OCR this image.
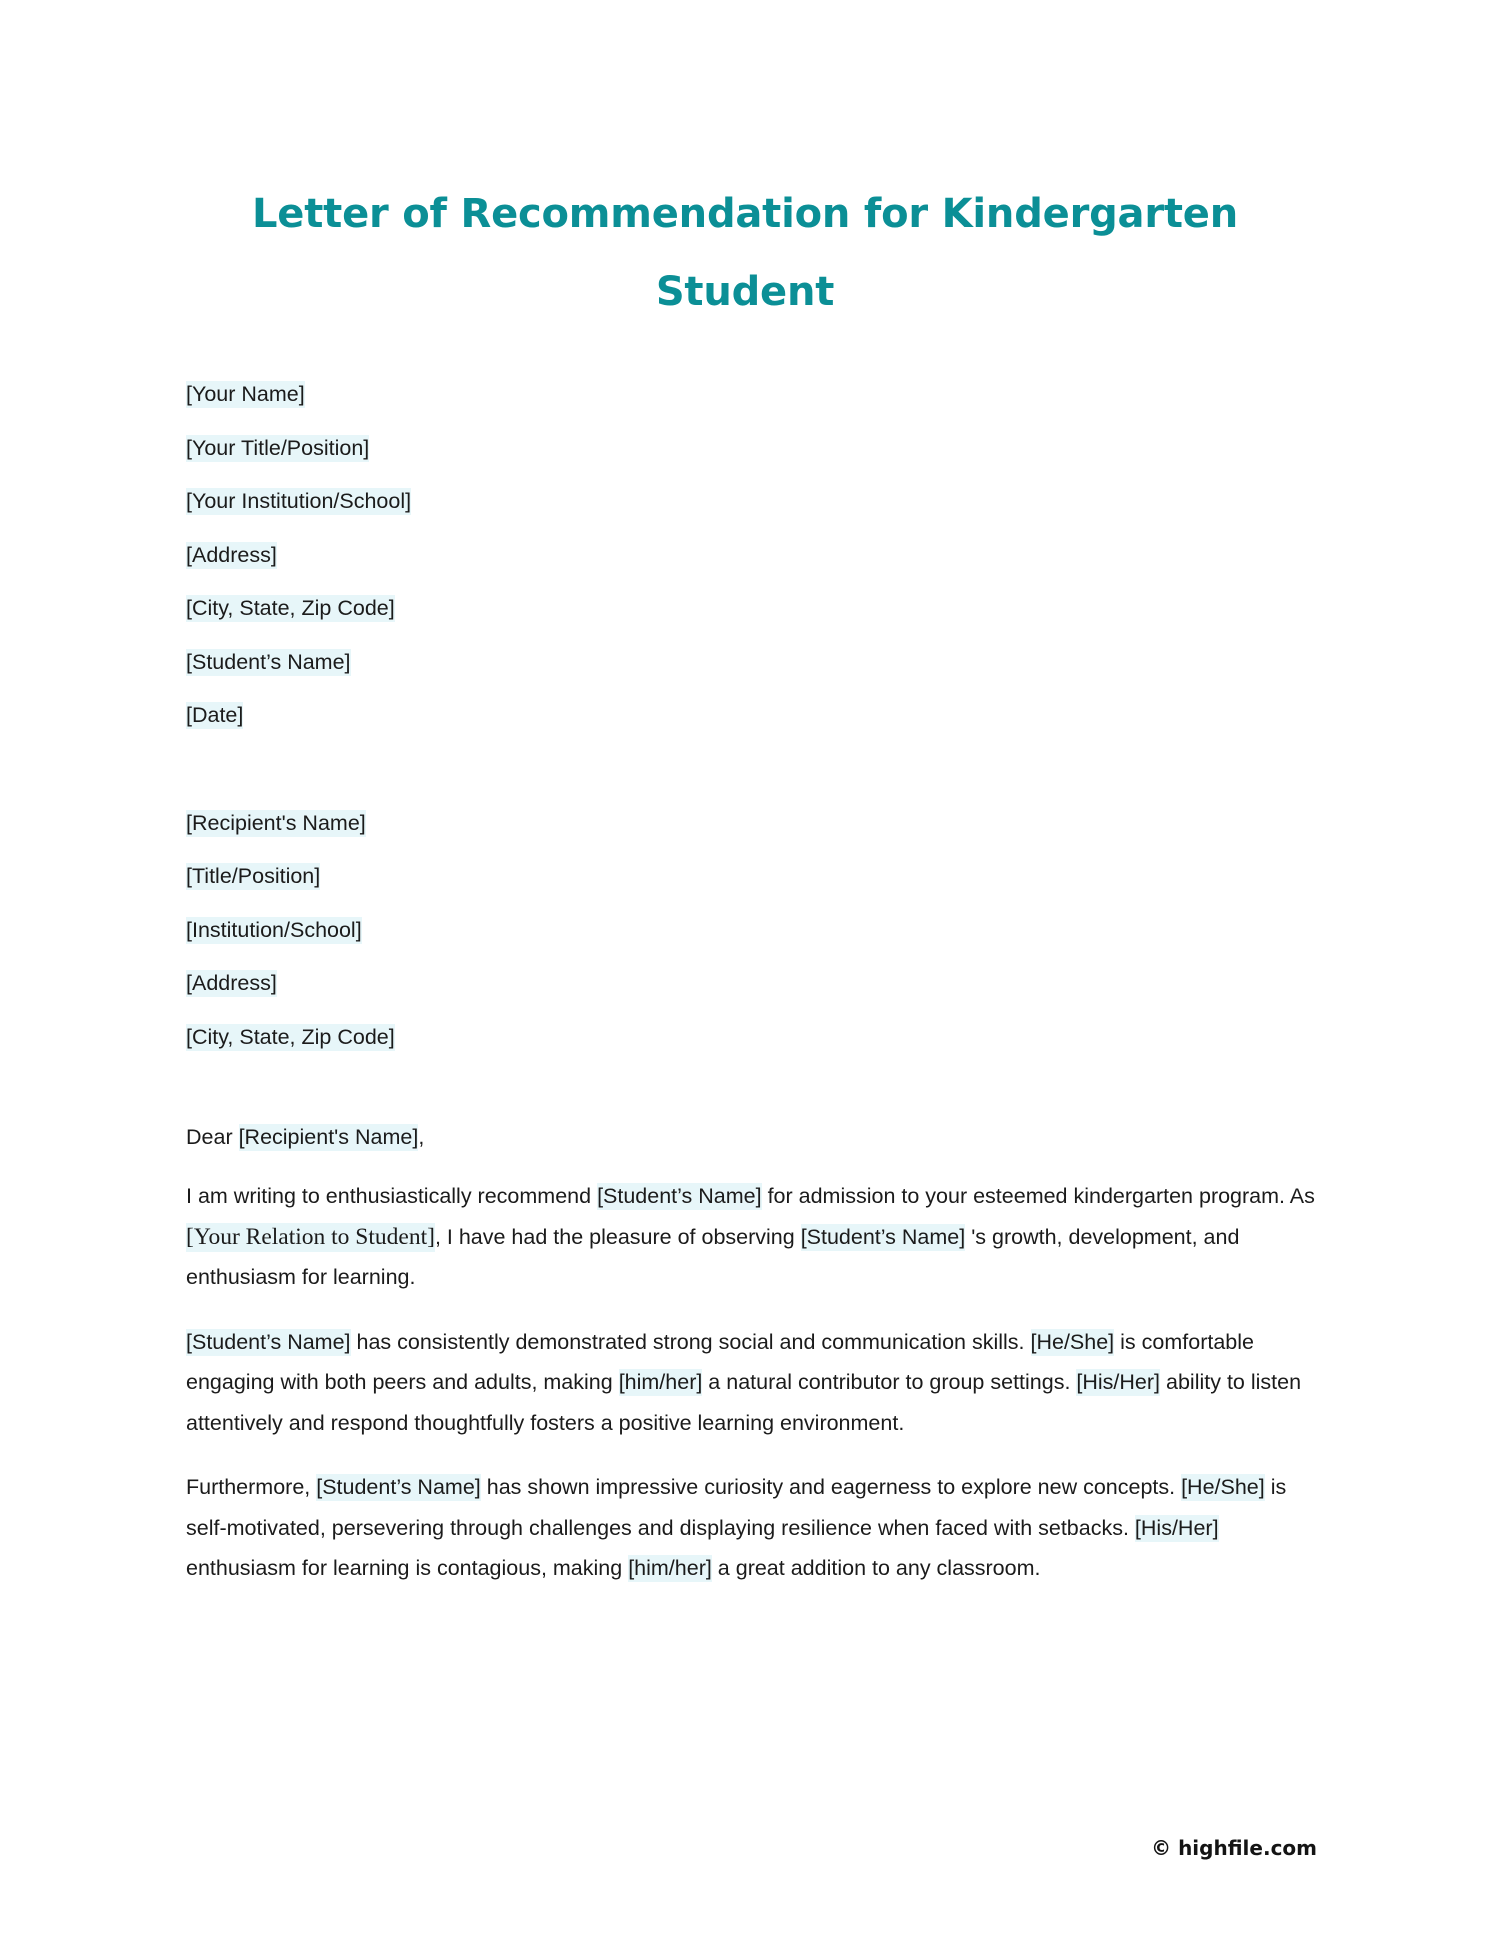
Letter of Recommendation for Kindergarten
Student
[Your Name]
[Your Title/Position]
[Your Institution/School]
[Address]
[City, State, Zip Code]
[Student’s Name]
[Date]
[Recipient's Name]
[Title/Position]
[Institution/School]
[Address]
[City, State, Zip Code]
Dear [Recipient's Name],

I am writing to enthusiastically recommend [Student’s Name] for admission to your esteemed kindergarten program. As [Your Relation to Student], I have had the pleasure of observing [Student’s Name] 's growth, development, and enthusiasm for learning.

[Student’s Name] has consistently demonstrated strong social and communication skills. [He/She] is comfortable engaging with both peers and adults, making [him/her] a natural contributor to group settings. [His/Her] ability to listen attentively and respond thoughtfully fosters a positive learning environment.

Furthermore, [Student’s Name] has shown impressive curiosity and eagerness to explore new concepts. [He/She] is self-motivated, persevering through challenges and displaying resilience when faced with setbacks. [His/Her] enthusiasm for learning is contagious, making [him/her] a great addition to any classroom.

© highfile.com
